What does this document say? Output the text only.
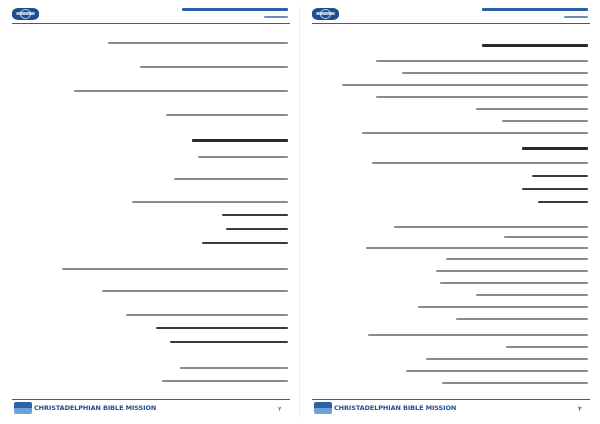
CHRISTADELPHIAN BIBLE MISSION	۲	CHRISTADELPHIAN BIBLE MISSION	۳
